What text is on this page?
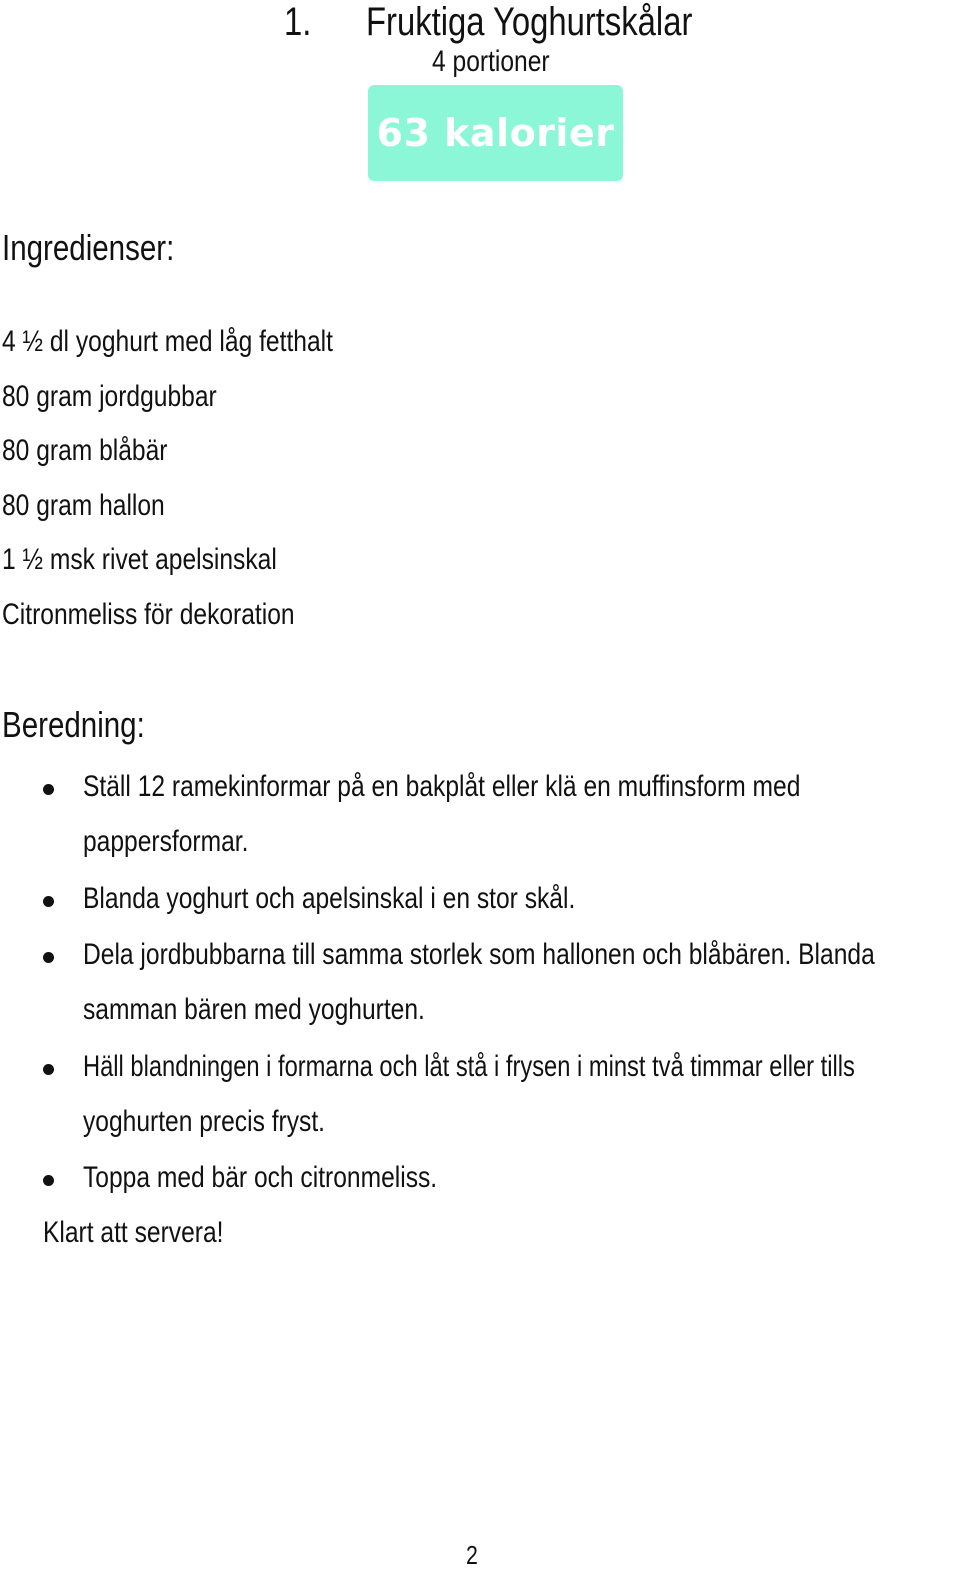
1. Fruktiga Yoghurtskålar
4 portioner
63 kalorier
Ingredienser:
4 ½ dl yoghurt med låg fetthalt
80 gram jordgubbar
80 gram blåbär
80 gram hallon
1 ½ msk rivet apelsinskal
Citronmeliss för dekoration
Beredning:
Ställ 12 ramekinformar på en bakplåt eller klä en muffinsform med
pappersformar.
Blanda yoghurt och apelsinskal i en stor skål.
Dela jordbubbarna till samma storlek som hallonen och blåbären. Blanda
samman bären med yoghurten.
Häll blandningen i formarna och låt stå i frysen i minst två timmar eller tills
yoghurten precis fryst.
Toppa med bär och citronmeliss.
Klart att servera!
2
